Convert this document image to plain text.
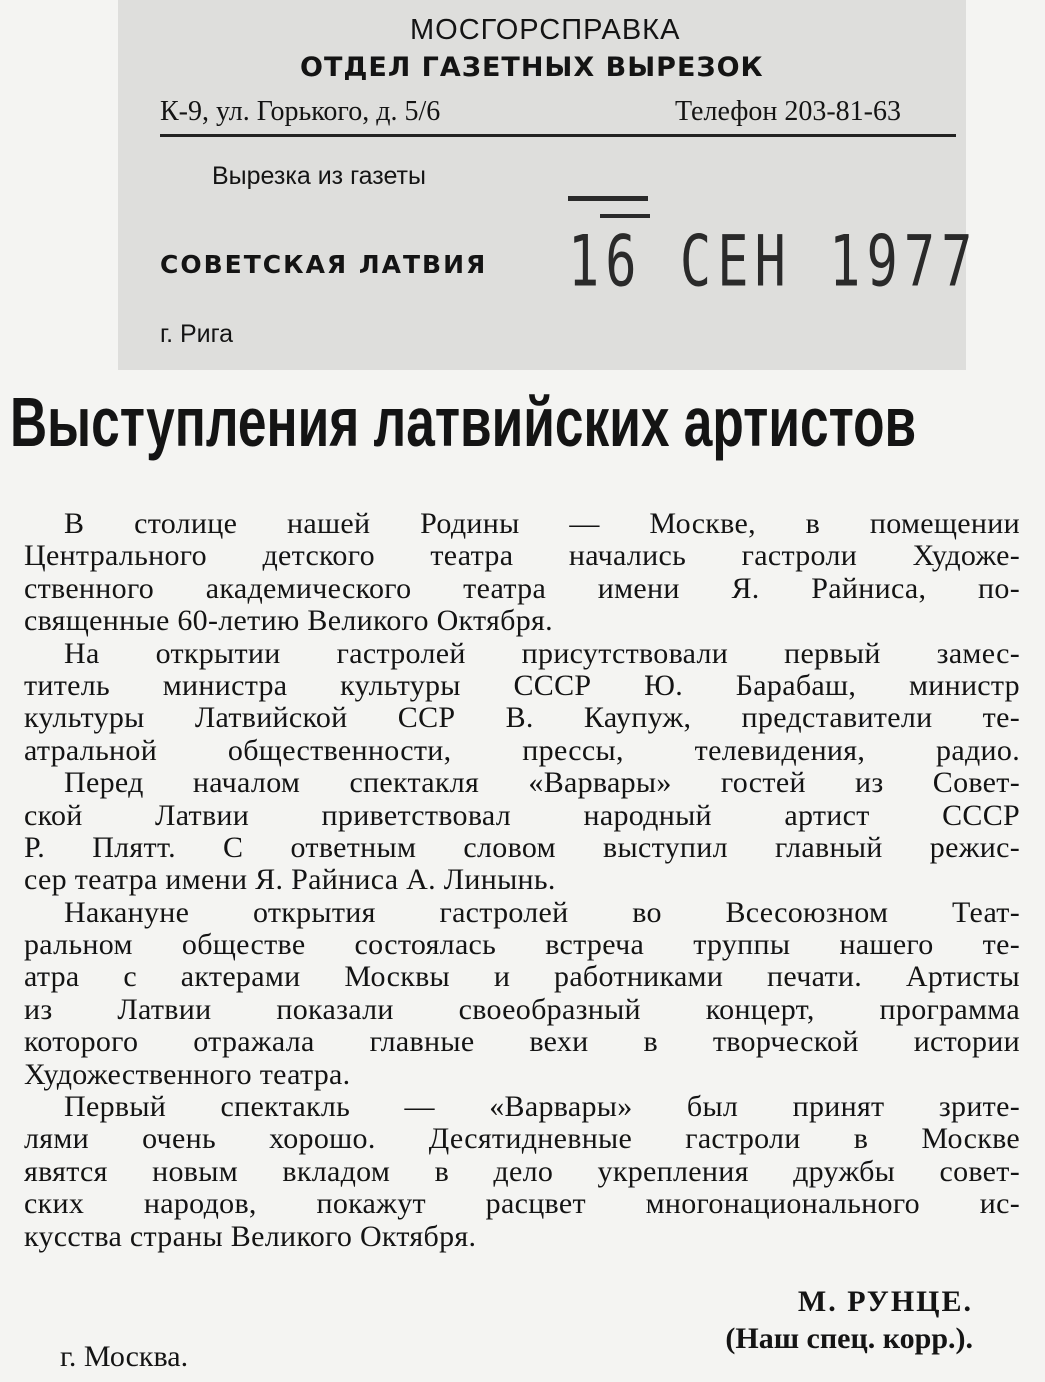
МОСГОРСПРАВКА
ОТДЕЛ ГАЗЕТНЫХ ВЫРЕЗОК
К-9, ул. Горького, д. 5/6	Телефон 203-81-63
Вырезка из газеты
СОВЕТСКАЯ ЛАТВИЯ 16 СЕН 1977
г. Рига
Выступления латвийских артистов
В столице нашей Родины — Москве, в помещении
Центрального детского театра начались гастроли Художе-
ственного академического театра имени Я. Райниса, по-
священные 60-летию Великого Октября.
На открытии гастролей присутствовали первый замес-
титель министра культуры СССР Ю. Барабаш, министр
культуры Латвийской ССР В. Каупуж, представители те-
атральной общественности, прессы, телевидения, радио.
Перед началом спектакля «Варвары» гостей из Совет-
ской Латвии приветствовал народный артист СССР
Р. Плятт. С ответным словом выступил главный режис-
сер театра имени Я. Райниса А. Линынь.
Накануне открытия гастролей во Всесоюзном Теат-
ральном обществе состоялась встреча труппы нашего те-
атра с актерами Москвы и работниками печати. Артисты
из Латвии показали своеобразный концерт, программа
которого отражала главные вехи в творческой истории
Художественного театра.
Первый спектакль — «Варвары» был принят зрите-
лями очень хорошо. Десятидневные гастроли в Москве
явятся новым вкладом в дело укрепления дружбы совет-
ских народов, покажут расцвет многонационального ис-
кусства страны Великого Октября.
М. РУНЦЕ.
(Наш спец. корр.).
г. Москва.
